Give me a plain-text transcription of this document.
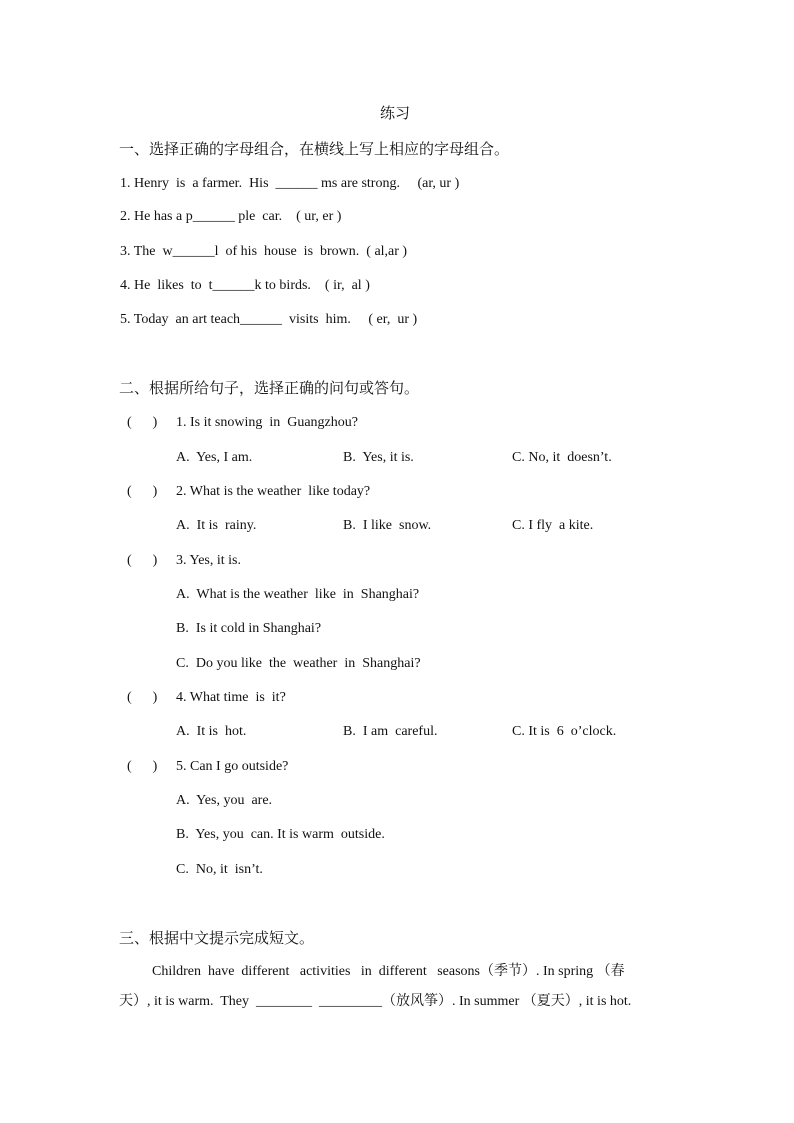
练习
一、选择正确的字母组合，在横线上写上相应的字母组合。
1. Henry  is  a farmer.  His  ______ ms are strong.     (ar, ur )
2. He has a p______ ple  car.    ( ur, er )
3. The  w______l  of his  house  is  brown.  ( al,ar )
4. He  likes  to  t______k to birds.    ( ir,  al )
5. Today  an art teach______  visits  him.     ( er,  ur )
二、根据所给句子，选择正确的问句或答句。
(      ) 1. Is it snowing  in  Guangzhou?
A.  Yes, I am.	B.  Yes, it is.	C. No, it  doesn’t.
(      ) 2. What is the weather  like today?
A.  It is  rainy.	B.  I like  snow.	C. I fly  a kite.
(      ) 3. Yes, it is.
A.  What is the weather  like  in  Shanghai?
B.  Is it cold in Shanghai?
C.  Do you like  the  weather  in  Shanghai?
(      ) 4. What time  is  it?
A.  It is  hot.	B.  I am  careful.	C. It is  6  o’clock.
(      ) 5. Can I go outside?
A.  Yes, you  are.
B.  Yes, you  can. It is warm  outside.
C.  No, it  isn’t.
三、根据中文提示完成短文。
Children  have  different   activities   in  different   seasons（季节）. In spring （春
天）, it is warm.  They  ________  _________（放风筝）. In summer （夏天）, it is hot.
